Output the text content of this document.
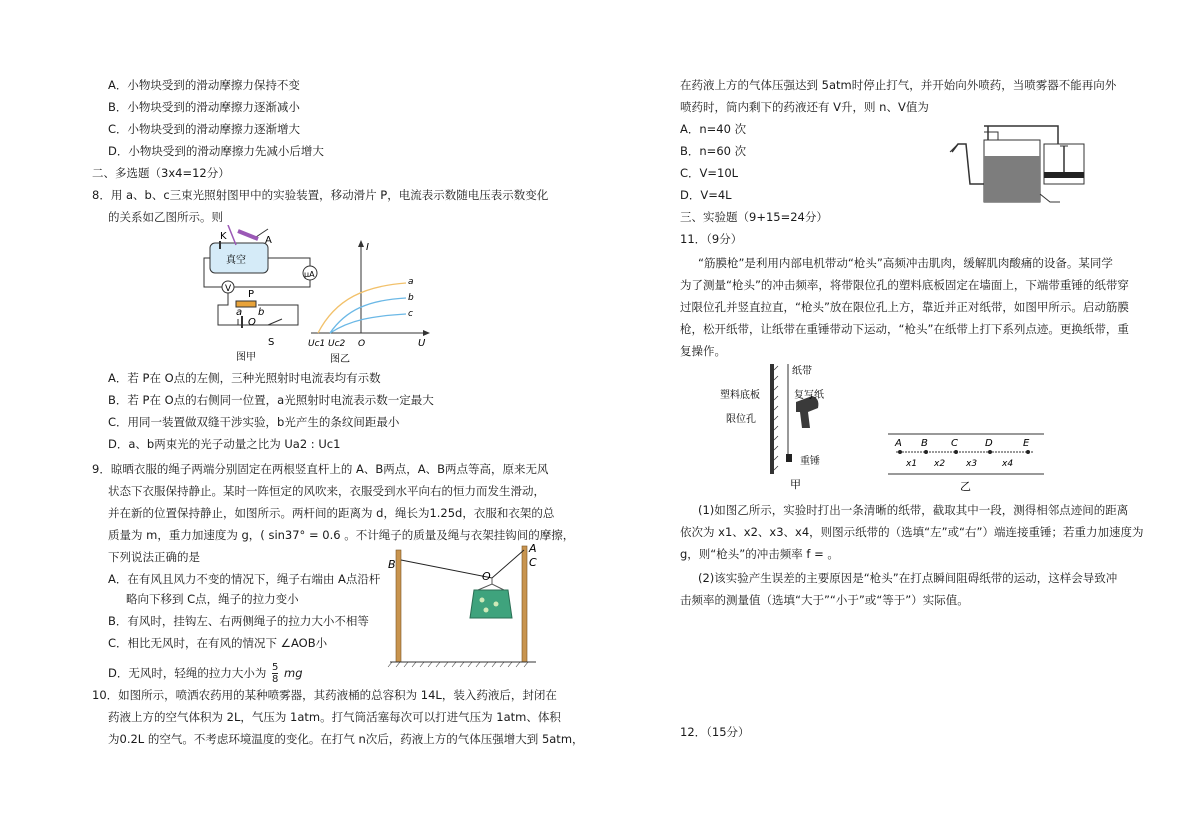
A．小物块受到的滑动摩擦力保持不变
B．小物块受到的滑动摩擦力逐渐减小
C．小物块受到的滑动摩擦力逐渐增大
D．小物块受到的滑动摩擦力先减小后增大
二、多选题（3x4=12分）
8．用 a、b、c三束光照射图甲中的实验装置，移动滑片 P，电流表示数随电压表示数变化
的关系如乙图所示。则
K	A
真空
μA
V P
a b
O
S
图甲
I
a
b
c
Uc1 Uc2 O	U
图乙
A．若 P在 O点的左侧，三种光照射时电流表均有示数
B．若 P在 O点的右侧同一位置，a光照射时电流表示数一定最大
C．用同一装置做双缝干涉实验，b光产生的条纹间距最小
D．a、b两束光的光子动量之比为 Ua2 : Uc1
9．晾晒衣服的绳子两端分别固定在两根竖直杆上的 A、B两点，A、B两点等高，原来无风
状态下衣服保持静止。某时一阵恒定的风吹来，衣服受到水平向右的恒力而发生滑动，
并在新的位置保持静止，如图所示。两杆间的距离为 d，绳长为1.25d，衣服和衣架的总
质量为 m，重力加速度为 g，( sin37° = 0.6 。不计绳子的质量及绳与衣架挂钩间的摩擦，
下列说法正确的是
A．在有风且风力不变的情况下，绳子右端由 A点沿杆
略向下移到 C点，绳子的拉力变小
B．有风时，挂钩左、右两侧绳子的拉力大小不相等
C．相比无风时，在有风的情况下 ∠AOB小
D．无风时，轻绳的拉力大小为 $\frac{5}{8}$ mg
B
A
C
O
10．如图所示，喷洒农药用的某种喷雾器，其药液桶的总容积为 14L，装入药液后，封闭在
药液上方的空气体积为 2L，气压为 1atm。打气筒活塞每次可以打进气压为 1atm、体积
为0.2L 的空气。不考虑环境温度的变化。在打气 n次后，药液上方的气体压强增大到 5atm，
在药液上方的气体压强达到 5atm时停止打气，并开始向外喷药，当喷雾器不能再向外
喷药时，筒内剩下的药液还有 V升，则 n、V值为
A．n=40 次
B．n=60 次
C．V=10L
D．V=4L
三、实验题（9+15=24分）
11．（9分）
“筋膜枪”是利用内部电机带动“枪头”高频冲击肌肉，缓解肌肉酸痛的设备。某同学
为了测量“枪头”的冲击频率，将带限位孔的塑料底板固定在墙面上，下端带重锤的纸带穿
过限位孔并竖直拉直，“枪头”放在限位孔上方，靠近并正对纸带，如图甲所示。启动筋膜
枪，松开纸带，让纸带在重锤带动下运动，“枪头”在纸带上打下系列点迹。更换纸带，重
复操作。
纸带
塑料底板	复写纸
限位孔
重锤
甲
A B C	D	E
x1 x2 x3	x4
乙
(1)如图乙所示，实验时打出一条清晰的纸带，截取其中一段，测得相邻点迹间的距离
依次为 x1、x2、x3、x4，则图示纸带的（选填“左”或“右”）端连接重锤；若重力加速度为
g，则“枪头”的冲击频率 f = 。
(2)该实验产生误差的主要原因是“枪头”在打点瞬间阻碍纸带的运动，这样会导致冲
击频率的测量值（选填“大于”“小于”或“等于”）实际值。
12．（15分）
